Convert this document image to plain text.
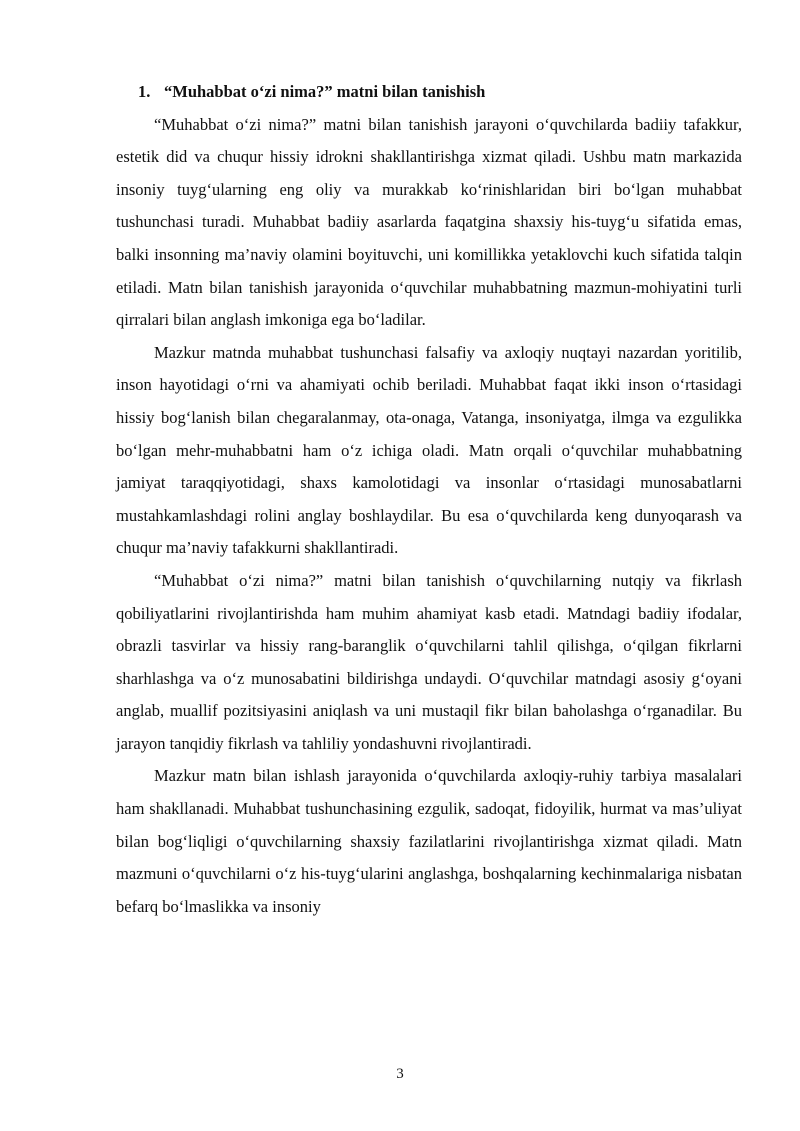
1. “Muhabbat o‘zi nima?” matni bilan tanishish

“Muhabbat o‘zi nima?” matni bilan tanishish jarayoni o‘quvchilarda badiiy tafakkur, estetik did va chuqur hissiy idrokni shakllantirishga xizmat qiladi. Ushbu matn markazida insoniy tuyg‘ularning eng oliy va murakkab ko‘rinishlaridan biri bo‘lgan muhabbat tushunchasi turadi. Muhabbat badiiy asarlarda faqatgina shaxsiy his-tuyg‘u sifatida emas, balki insonning ma’naviy olamini boyituvchi, uni komillikka yetaklovchi kuch sifatida talqin etiladi. Matn bilan tanishish jarayonida o‘quvchilar muhabbatning mazmun-mohiyatini turli qirralari bilan anglash imkoniga ega bo‘ladilar.

Mazkur matnda muhabbat tushunchasi falsafiy va axloqiy nuqtayi nazardan yoritilib, inson hayotidagi o‘rni va ahamiyati ochib beriladi. Muhabbat faqat ikki inson o‘rtasidagi hissiy bog‘lanish bilan chegaralanmay, ota-onaga, Vatanga, insoniyatga, ilmga va ezgulikka bo‘lgan mehr-muhabbatni ham o‘z ichiga oladi. Matn orqali o‘quvchilar muhabbatning jamiyat taraqqiyotidagi, shaxs kamolotidagi va insonlar o‘rtasidagi munosabatlarni mustahkamlashdagi rolini anglay boshlaydilar. Bu esa o‘quvchilarda keng dunyoqarash va chuqur ma’naviy tafakkurni shakllantiradi.

“Muhabbat o‘zi nima?” matni bilan tanishish o‘quvchilarning nutqiy va fikrlash qobiliyatlarini rivojlantirishda ham muhim ahamiyat kasb etadi. Matndagi badiiy ifodalar, obrazli tasvirlar va hissiy rang-baranglik o‘quvchilarni tahlil qilishga, o‘qilgan fikrlarni sharhlashga va o‘z munosabatini bildirishga undaydi. O‘quvchilar matndagi asosiy g‘oyani anglab, muallif pozitsiyasini aniqlash va uni mustaqil fikr bilan baholashga o‘rganadilar. Bu jarayon tanqidiy fikrlash va tahliliy yondashuvni rivojlantiradi.

Mazkur matn bilan ishlash jarayonida o‘quvchilarda axloqiy-ruhiy tarbiya masalalari ham shakllanadi. Muhabbat tushunchasining ezgulik, sadoqat, fidoyilik, hurmat va mas’uliyat bilan bog‘liqligi o‘quvchilarning shaxsiy fazilatlarini rivojlantirishga xizmat qiladi. Matn mazmuni o‘quvchilarni o‘z his-tuyg‘ularini anglashga, boshqalarning kechinmalariga nisbatan befarq bo‘lmaslikka va insoniy

3
